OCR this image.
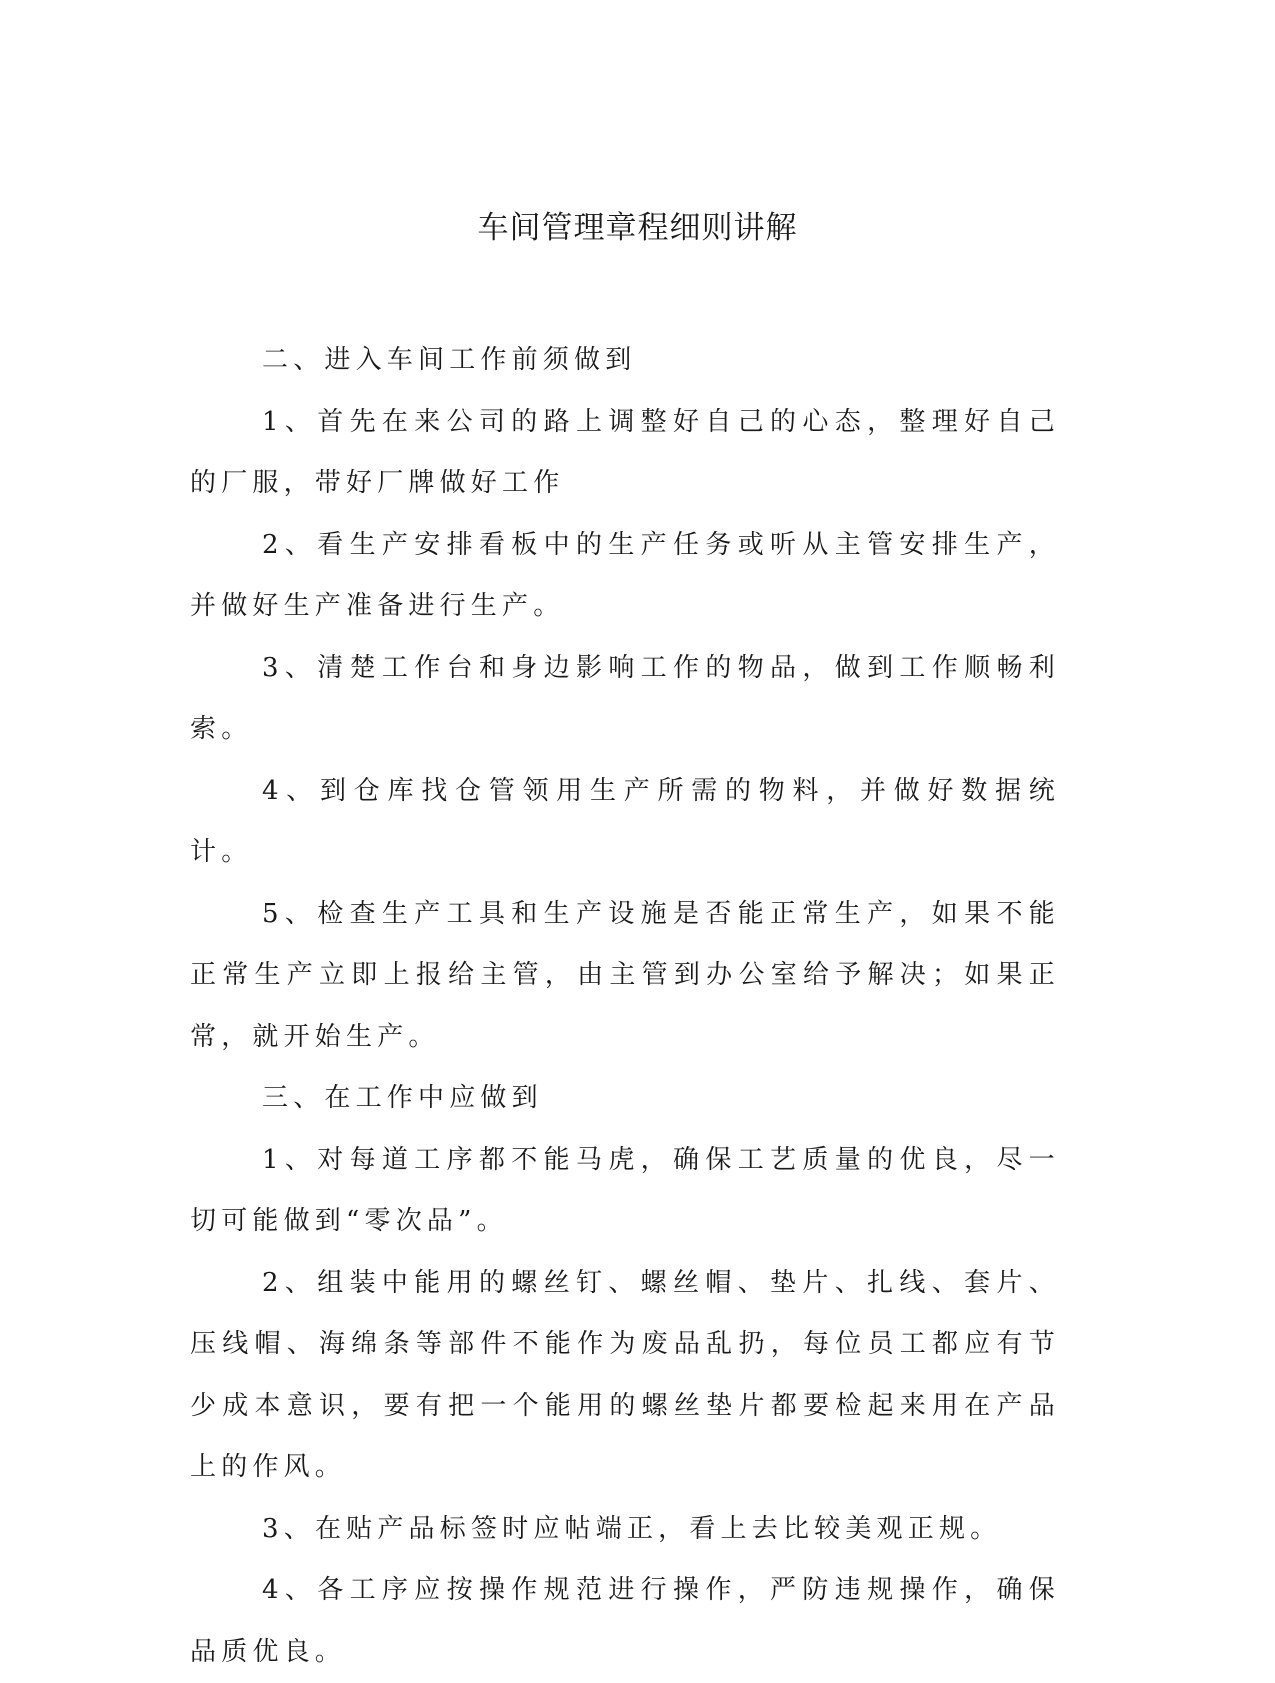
车间管理章程细则讲解

二、进入车间工作前须做到

1、首先在来公司的路上调整好自己的心态，整理好自己的厂服，带好厂牌做好工作

2、看生产安排看板中的生产任务或听从主管安排生产，并做好生产准备进行生产。

3、清楚工作台和身边影响工作的物品，做到工作顺畅利索。

4、到仓库找仓管领用生产所需的物料，并做好数据统计。

5、检查生产工具和生产设施是否能正常生产，如果不能正常生产立即上报给主管，由主管到办公室给予解决；如果正常，就开始生产。

三、在工作中应做到

1、对每道工序都不能马虎，确保工艺质量的优良，尽一切可能做到“零次品”。

2、组装中能用的螺丝钉、螺丝帽、垫片、扎线、套片、压线帽、海绵条等部件不能作为废品乱扔，每位员工都应有节少成本意识，要有把一个能用的螺丝垫片都要检起来用在产品上的作风。

3、在贴产品标签时应帖端正，看上去比较美观正规。

4、各工序应按操作规范进行操作，严防违规操作，确保品质优良。
